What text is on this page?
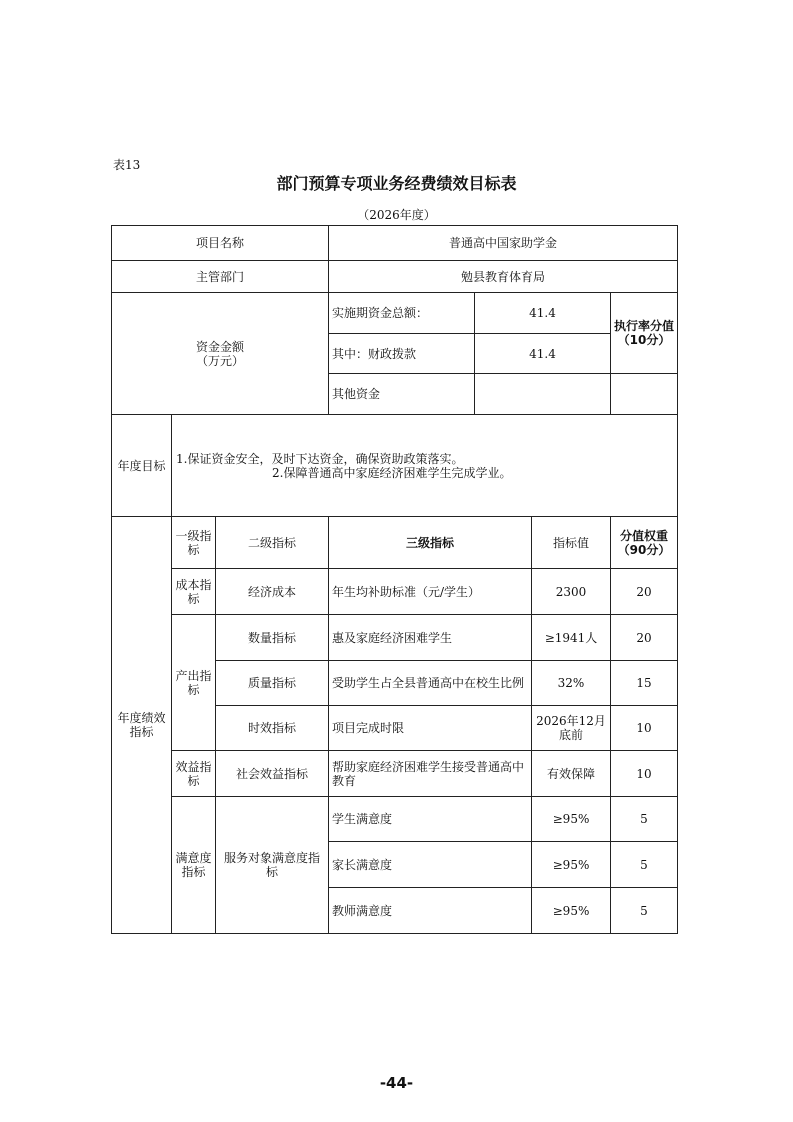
表13
部门预算专项业务经费绩效目标表
（2026年度）
项目名称			普通高中国家助学金			
主管部门			勉县教育体育局			

资金金额
（万元）			实施期资金总额：	41.4		执行率分值（10分）
			其中：财政拨款	41.4		
			其他资金			
年度目标	1.保证资金安全，及时下达资金，确保资助政策落实。
2.保障普通高中家庭经济困难学生完成学业。					

年度绩效指标	一级指标	二级指标	三级指标		指标值	分值权重
（90分）

	成本指标	经济成本	年生均补助标准（元/学生）		2300	20
	产出指标	数量指标	惠及家庭经济困难学生		≥1941人	20
		质量指标	受助学生占全县普通高中在校生比例		32%	15
		时效指标	项目完成时限		2026年12月底前	10
	效益指标	社会效益指标	帮助家庭经济困难学生接受普通高中教育		有效保障	10
	满意度指标	服务对象满意度指标	学生满意度		≥95%	5
			家长满意度		≥95%	5
			教师满意度		≥95%	5
-44-
